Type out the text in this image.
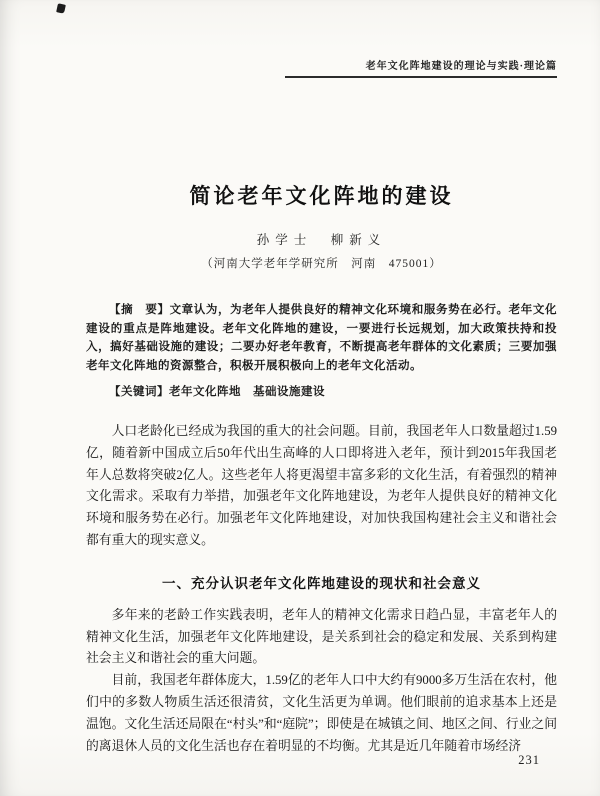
老年文化阵地建设的理论与实践·理论篇
简论老年文化阵地的建设
孙学士　柳新义
（河南大学老年学研究所　河南　475001）

【摘　要】文章认为，为老年人提供良好的精神文化环境和服务势在必行。老年文化建设的重点是阵地建设。老年文化阵地的建设，一要进行长远规划，加大政策扶持和投入，搞好基础设施的建设；二要办好老年教育，不断提高老年群体的文化素质；三要加强老年文化阵地的资源整合，积极开展积极向上的老年文化活动。

【关键词】老年文化阵地　基础设施建设

人口老龄化已经成为我国的重大的社会问题。目前，我国老年人口数量超过1.59亿，随着新中国成立后50年代出生高峰的人口即将进入老年，预计到2015年我国老年人总数将突破2亿人。这些老年人将更渴望丰富多彩的文化生活，有着强烈的精神文化需求。采取有力举措，加强老年文化阵地建设，为老年人提供良好的精神文化环境和服务势在必行。加强老年文化阵地建设，对加快我国构建社会主义和谐社会都有重大的现实意义。

一、充分认识老年文化阵地建设的现状和社会意义

多年来的老龄工作实践表明，老年人的精神文化需求日趋凸显，丰富老年人的精神文化生活，加强老年文化阵地建设，是关系到社会的稳定和发展、关系到构建社会主义和谐社会的重大问题。

目前，我国老年群体庞大，1.59亿的老年人口中大约有9000多万生活在农村，他们中的多数人物质生活还很清贫，文化生活更为单调。他们眼前的追求基本上还是温饱。文化生活还局限在“村头”和“庭院”；即使是在城镇之间、地区之间、行业之间的离退休人员的文化生活也存在着明显的不均衡。尤其是近几年随着市场经济

231
